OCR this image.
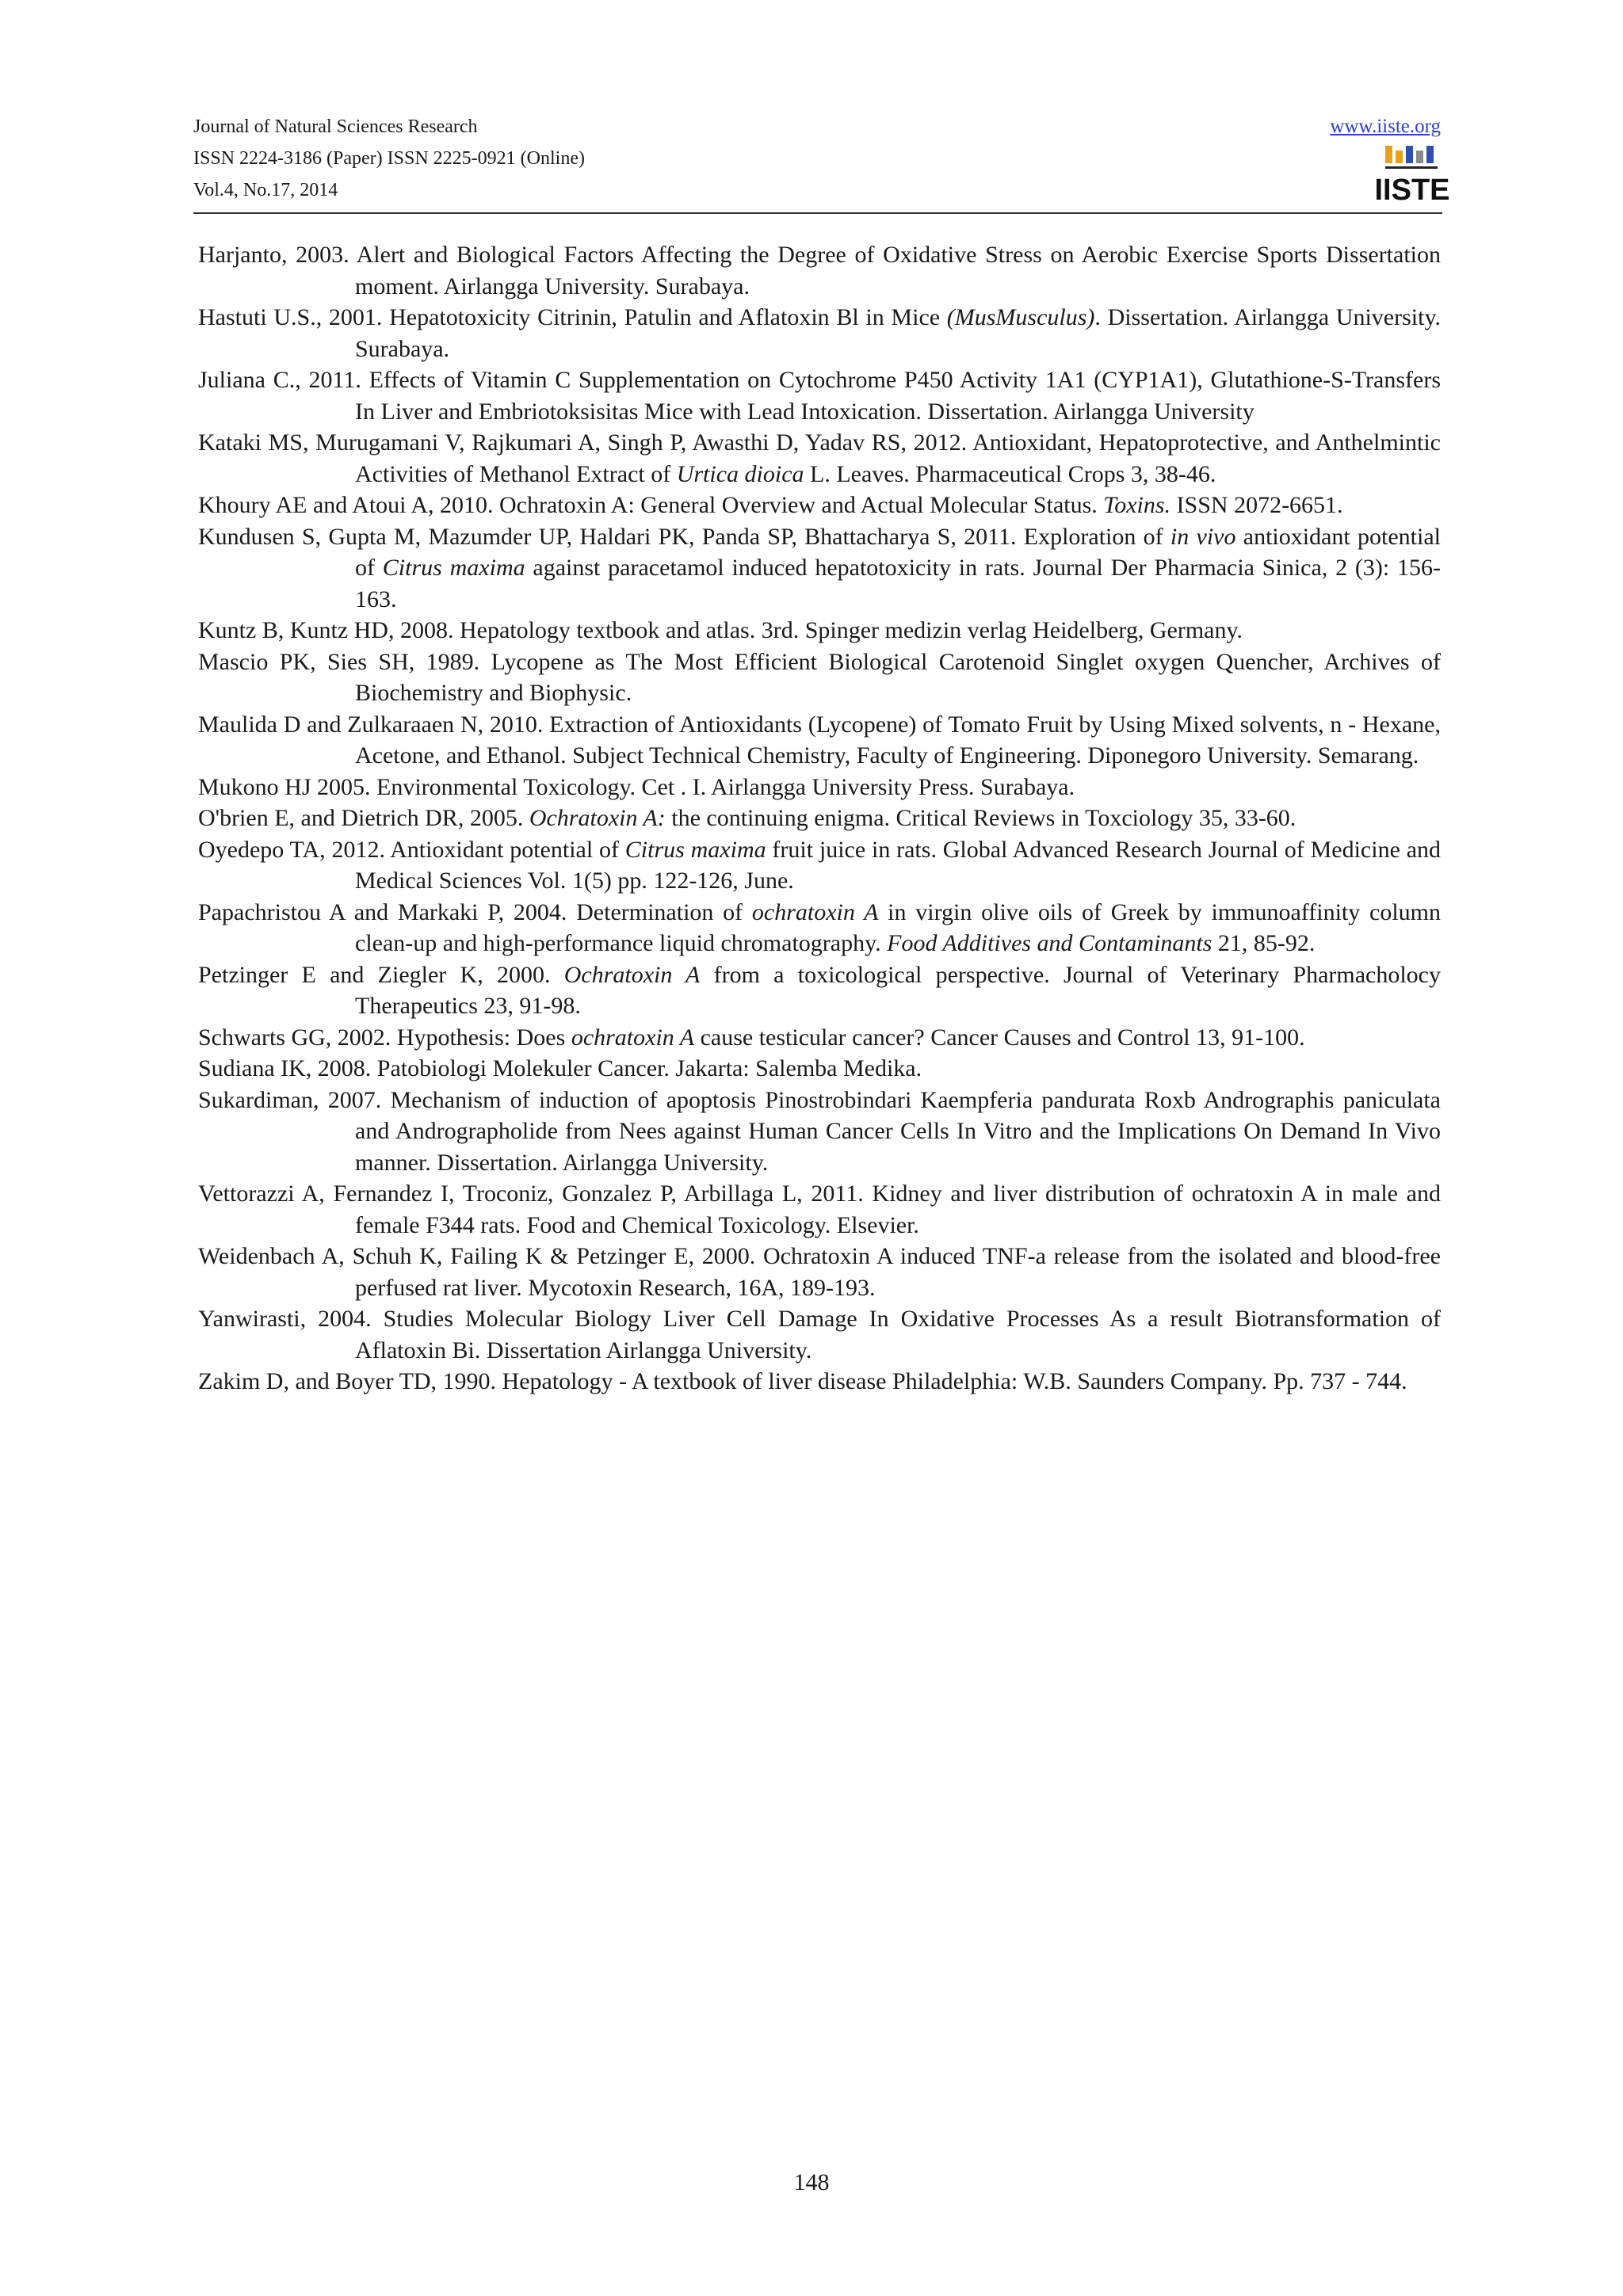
Journal of Natural Sciences Research
ISSN 2224-3186 (Paper) ISSN 2225-0921 (Online)
Vol.4, No.17, 2014
www.iiste.org
IISTE

Harjanto, 2003. Alert and Biological Factors Affecting the Degree of Oxidative Stress on Aerobic Exercise Sports Dissertation moment. Airlangga University. Surabaya.

Hastuti U.S., 2001. Hepatotoxicity Citrinin, Patulin and Aflatoxin Bl in Mice (MusMusculus). Dissertation. Airlangga University. Surabaya.

Juliana C., 2011. Effects of Vitamin C Supplementation on Cytochrome P450 Activity 1A1 (CYP1A1), Glutathione-S-Transfers In Liver and Embriotoksisitas Mice with Lead Intoxication. Dissertation. Airlangga University

Kataki MS, Murugamani V, Rajkumari A, Singh P, Awasthi D, Yadav RS, 2012. Antioxidant, Hepatoprotective, and Anthelmintic Activities of Methanol Extract of Urtica dioica L. Leaves. Pharmaceutical Crops 3, 38-46.

Khoury AE and Atoui A, 2010. Ochratoxin A: General Overview and Actual Molecular Status. Toxins. ISSN 2072-6651.

Kundusen S, Gupta M, Mazumder UP, Haldari PK, Panda SP, Bhattacharya S, 2011. Exploration of in vivo antioxidant potential of Citrus maxima against paracetamol induced hepatotoxicity in rats. Journal Der Pharmacia Sinica, 2 (3): 156-163.

Kuntz B, Kuntz HD, 2008. Hepatology textbook and atlas. 3rd. Spinger medizin verlag Heidelberg, Germany.

Mascio PK, Sies SH, 1989. Lycopene as The Most Efficient Biological Carotenoid Singlet oxygen Quencher, Archives of Biochemistry and Biophysic.

Maulida D and Zulkaraaen N, 2010. Extraction of Antioxidants (Lycopene) of Tomato Fruit by Using Mixed solvents, n - Hexane, Acetone, and Ethanol. Subject Technical Chemistry, Faculty of Engineering. Diponegoro University. Semarang.

Mukono HJ 2005. Environmental Toxicology. Cet . I. Airlangga University Press. Surabaya.

O'brien E, and Dietrich DR, 2005. Ochratoxin A: the continuing enigma. Critical Reviews in Toxciology 35, 33-60.

Oyedepo TA, 2012. Antioxidant potential of Citrus maxima fruit juice in rats. Global Advanced Research Journal of Medicine and Medical Sciences Vol. 1(5) pp. 122-126, June.

Papachristou A and Markaki P, 2004. Determination of ochratoxin A in virgin olive oils of Greek by immunoaffinity column clean-up and high-performance liquid chromatography. Food Additives and Contaminants 21, 85-92.

Petzinger E and Ziegler K, 2000. Ochratoxin A from a toxicological perspective. Journal of Veterinary Pharmacholocy Therapeutics 23, 91-98.

Schwarts GG, 2002. Hypothesis: Does ochratoxin A cause testicular cancer? Cancer Causes and Control 13, 91-100.

Sudiana IK, 2008. Patobiologi Molekuler Cancer. Jakarta: Salemba Medika.

Sukardiman, 2007. Mechanism of induction of apoptosis Pinostrobindari Kaempferia pandurata Roxb Andrographis paniculata and Andrographolide from Nees against Human Cancer Cells In Vitro and the Implications On Demand In Vivo manner. Dissertation. Airlangga University.

Vettorazzi A, Fernandez I, Troconiz, Gonzalez P, Arbillaga L, 2011. Kidney and liver distribution of ochratoxin A in male and female F344 rats. Food and Chemical Toxicology. Elsevier.

Weidenbach A, Schuh K, Failing K & Petzinger E, 2000. Ochratoxin A induced TNF-a release from the isolated and blood-free perfused rat liver. Mycotoxin Research, 16A, 189-193.

Yanwirasti, 2004. Studies Molecular Biology Liver Cell Damage In Oxidative Processes As a result Biotransformation of Aflatoxin Bi. Dissertation Airlangga University.

Zakim D, and Boyer TD, 1990. Hepatology - A textbook of liver disease Philadelphia: W.B. Saunders Company. Pp. 737 - 744.

148
